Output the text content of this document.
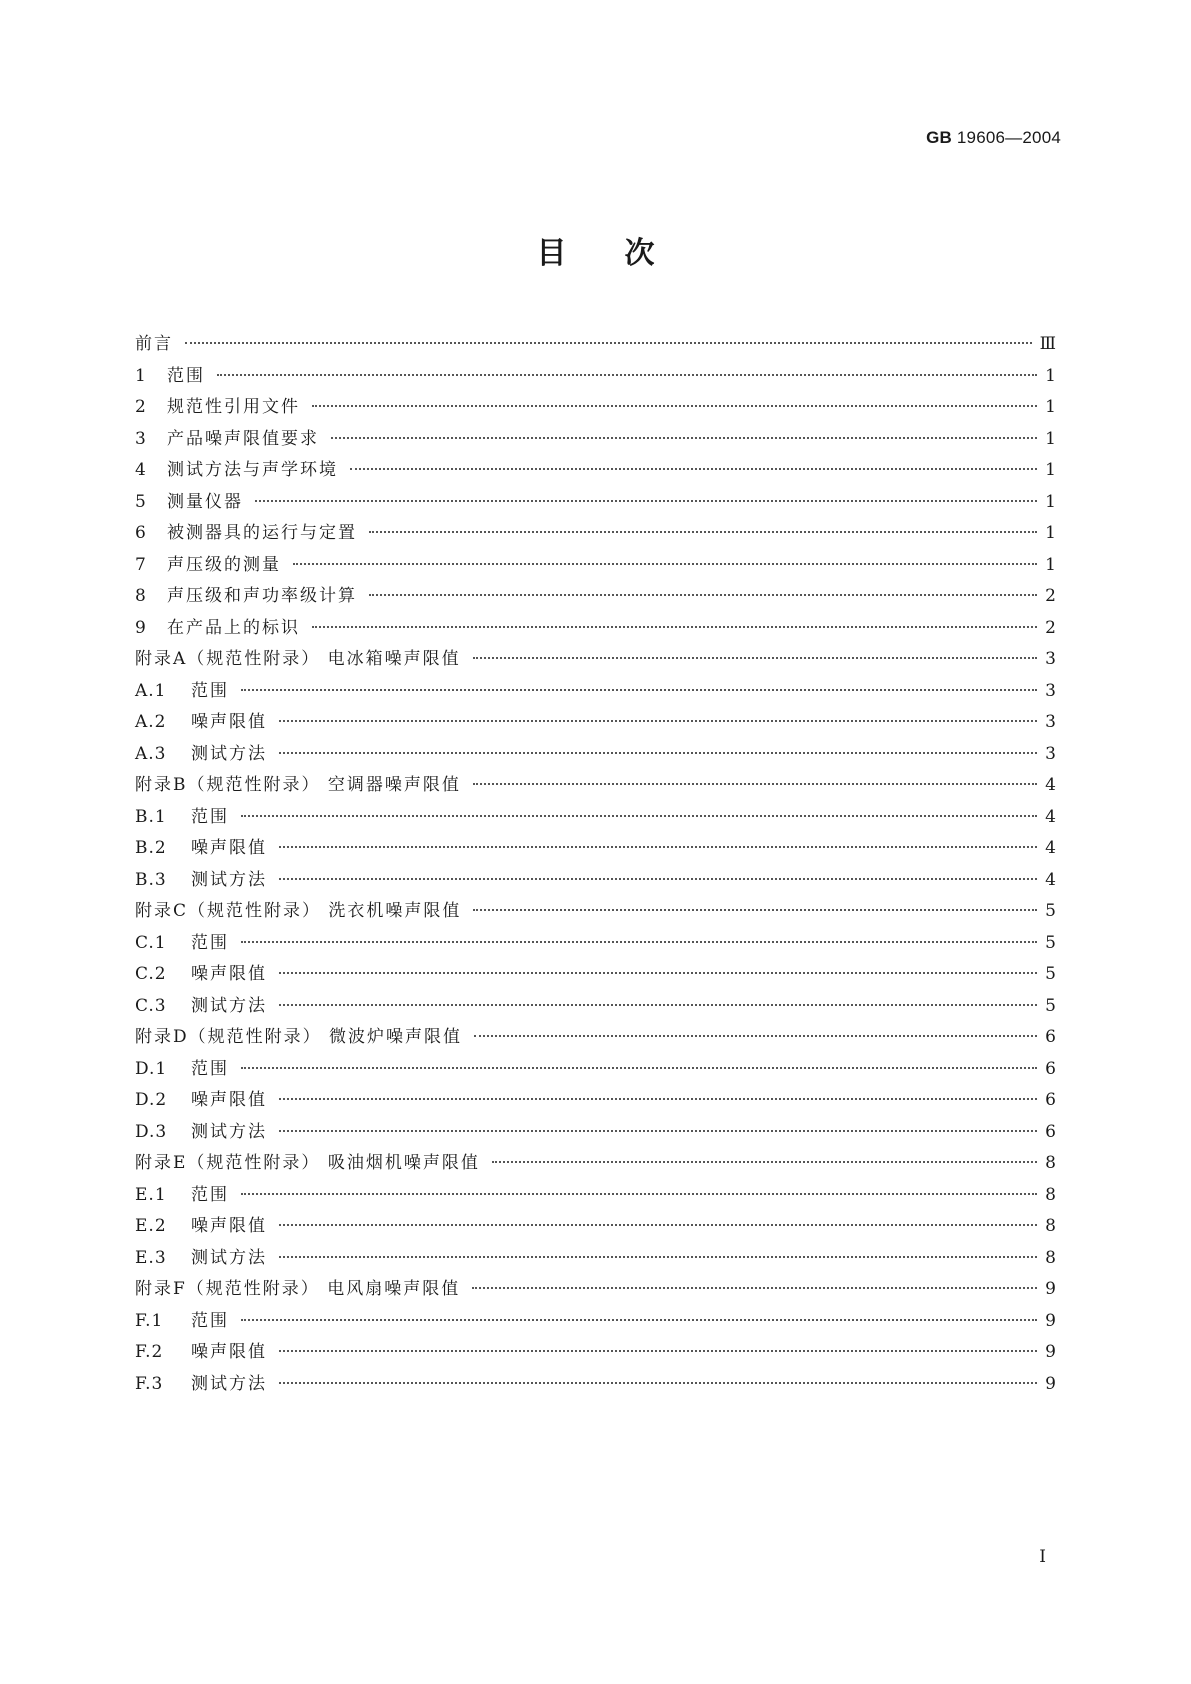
GB 19606—2004
目次
前言	Ⅲ
1	范围	1
2	规范性引用文件	1
3	产品噪声限值要求	1
4	测试方法与声学环境	1
5	测量仪器	1
6	被测器具的运行与定置	1
7	声压级的测量	1
8	声压级和声功率级计算	2
9	在产品上的标识	2
附录A（规范性附录） 电冰箱噪声限值	3
A.1	范围	3
A.2	噪声限值	3
A.3	测试方法	3
附录B（规范性附录） 空调器噪声限值	4
B.1	范围	4
B.2	噪声限值	4
B.3	测试方法	4
附录C（规范性附录） 洗衣机噪声限值	5
C.1	范围	5
C.2	噪声限值	5
C.3	测试方法	5
附录D（规范性附录） 微波炉噪声限值	6
D.1	范围	6
D.2	噪声限值	6
D.3	测试方法	6
附录E（规范性附录） 吸油烟机噪声限值	8
E.1	范围	8
E.2	噪声限值	8
E.3	测试方法	8
附录F（规范性附录） 电风扇噪声限值	9
F.1	范围	9
F.2	噪声限值	9
F.3	测试方法	9
I
